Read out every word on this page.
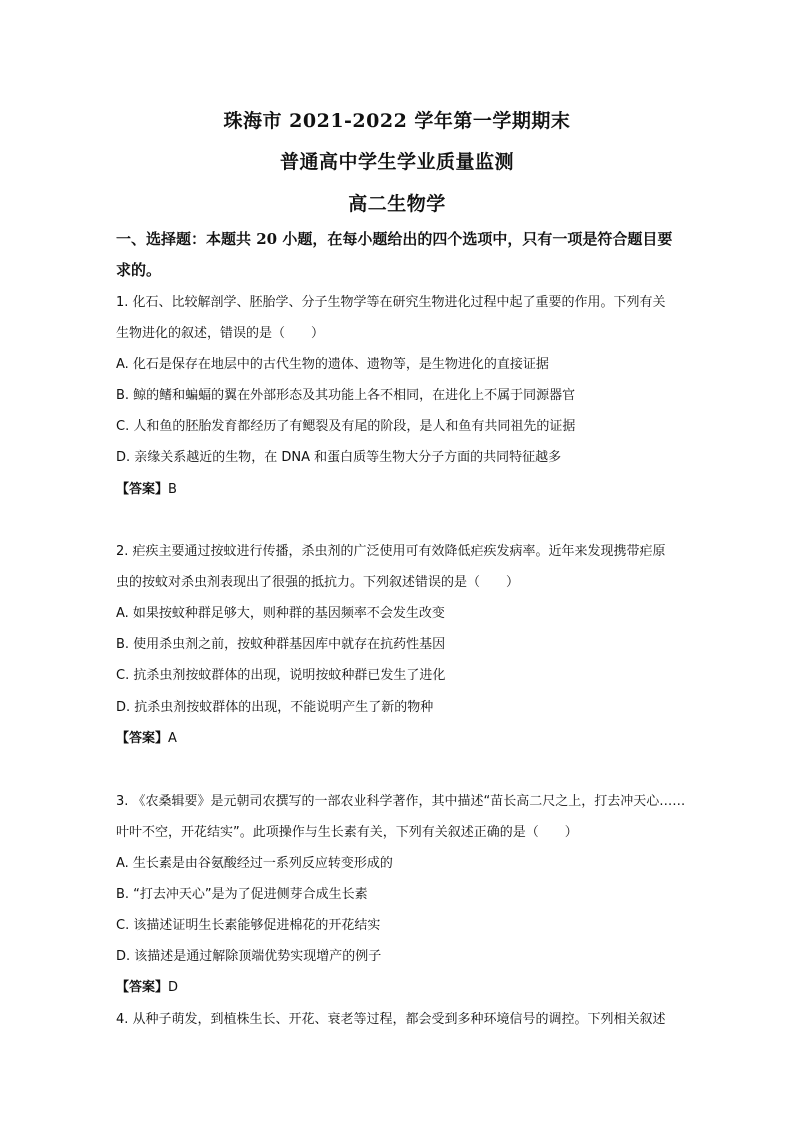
珠海市 2021-2022 学年第一学期期末
普通高中学生学业质量监测
高二生物学
一、选择题：本题共 20 小题，在每小题给出的四个选项中，只有一项是符合题目要
求的。
1. 化石、比较解剖学、胚胎学、分子生物学等在研究生物进化过程中起了重要的作用。下列有关
生物进化的叙述，错误的是（　　）
A. 化石是保存在地层中的古代生物的遗体、遗物等，是生物进化的直接证据
B. 鲸的鳍和蝙蝠的翼在外部形态及其功能上各不相同，在进化上不属于同源器官
C. 人和鱼的胚胎发育都经历了有鳃裂及有尾的阶段，是人和鱼有共同祖先的证据
D. 亲缘关系越近的生物，在 DNA 和蛋白质等生物大分子方面的共同特征越多
【答案】B
2. 疟疾主要通过按蚊进行传播，杀虫剂的广泛使用可有效降低疟疾发病率。近年来发现携带疟原
虫的按蚊对杀虫剂表现出了很强的抵抗力。下列叙述错误的是（　　）
A. 如果按蚊种群足够大，则种群的基因频率不会发生改变
B. 使用杀虫剂之前，按蚊种群基因库中就存在抗药性基因
C. 抗杀虫剂按蚊群体的出现，说明按蚊种群已发生了进化
D. 抗杀虫剂按蚊群体的出现，不能说明产生了新的物种
【答案】A
3. 《农桑辑要》是元朝司农撰写的一部农业科学著作，其中描述“苗长高二尺之上，打去冲天心……
叶叶不空，开花结实”。此项操作与生长素有关，下列有关叙述正确的是（　　）
A. 生长素是由谷氨酸经过一系列反应转变形成的
B. “打去冲天心”是为了促进侧芽合成生长素
C. 该描述证明生长素能够促进棉花的开花结实
D. 该描述是通过解除顶端优势实现增产的例子
【答案】D
4. 从种子萌发，到植株生长、开花、衰老等过程，都会受到多种环境信号的调控。下列相关叙述
